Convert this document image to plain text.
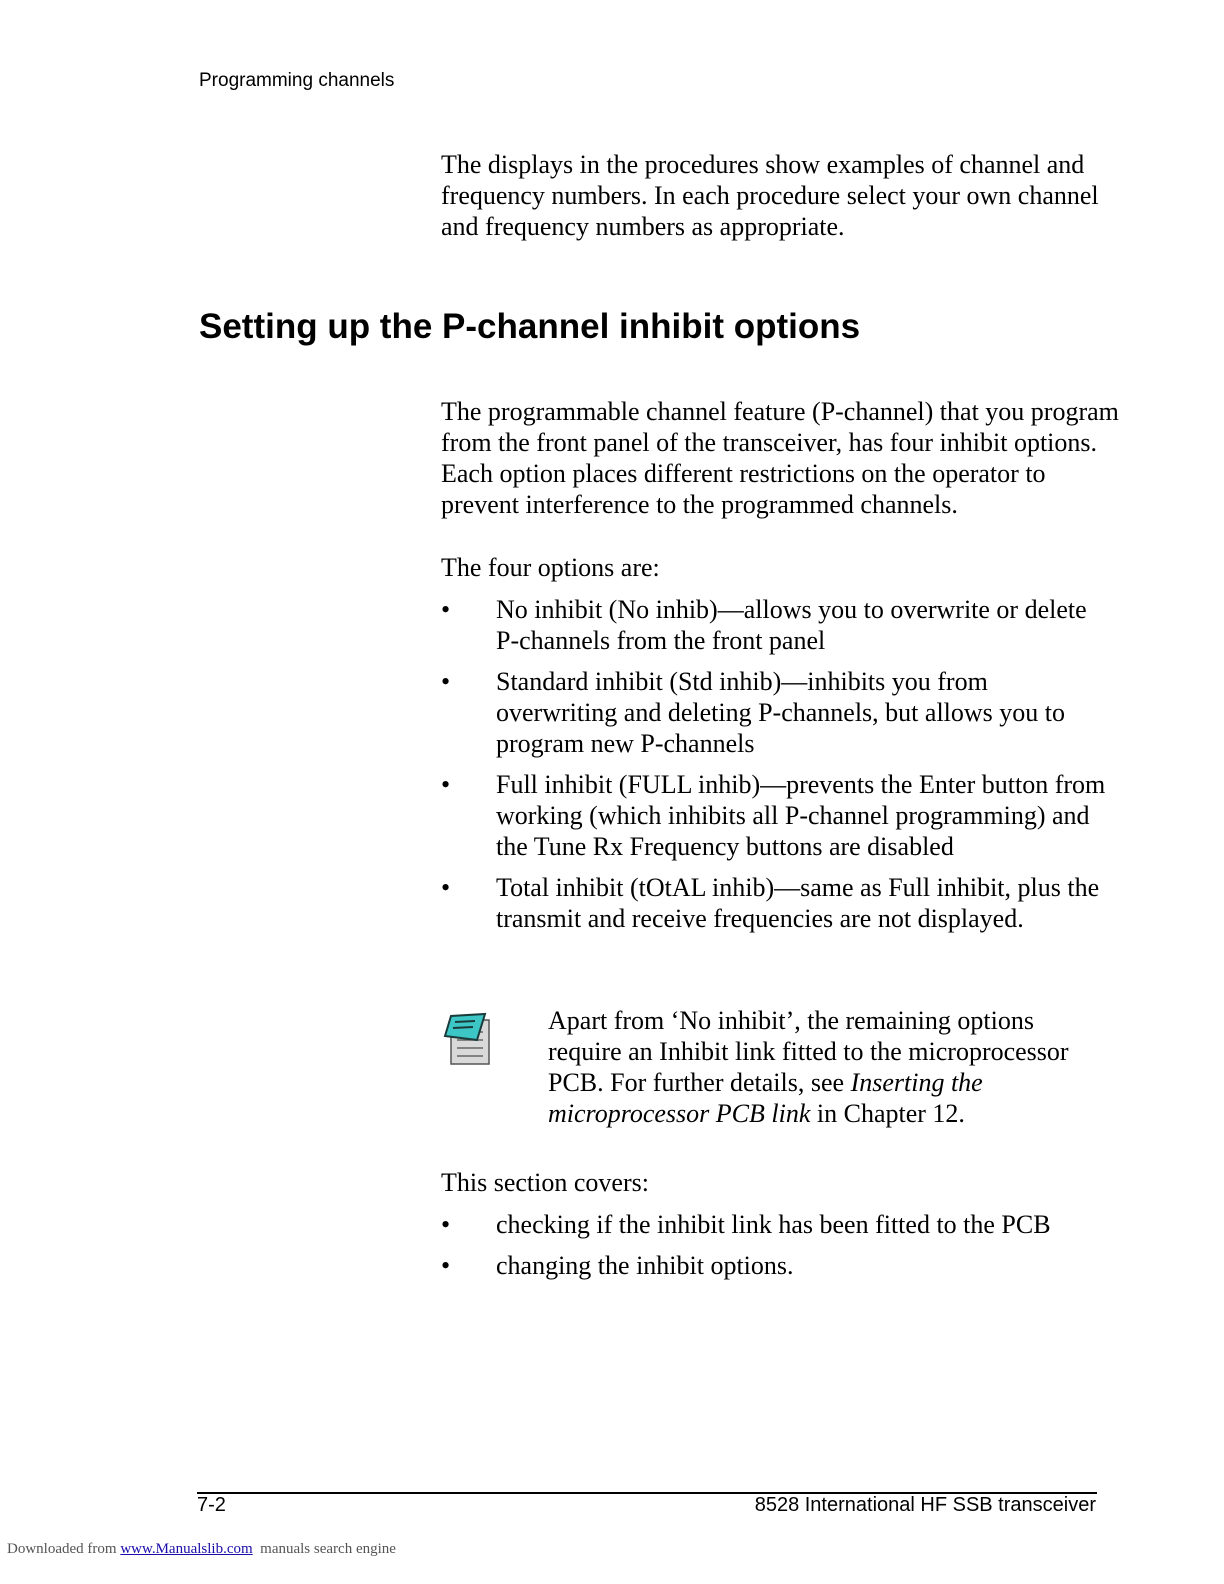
Programming channels

The displays in the procedures show examples of channel and frequency numbers. In each procedure select your own channel and frequency numbers as appropriate.

Setting up the P-channel inhibit options

The programmable channel feature (P-channel) that you program from the front panel of the transceiver, has four inhibit options. Each option places different restrictions on the operator to prevent interference to the programmed channels.

The four options are:

•	No inhibit (No inhib)—allows you to overwrite or delete P-channels from the front panel
•	Standard inhibit (Std inhib)—inhibits you from overwriting and deleting P-channels, but allows you to program new P-channels
•	Full inhibit (FULL inhib)—prevents the Enter button from working (which inhibits all P-channel programming) and the Tune Rx Frequency buttons are disabled
•	Total inhibit (tOtAL inhib)—same as Full inhibit, plus the transmit and receive frequencies are not displayed.

Apart from ‘No inhibit’, the remaining options require an Inhibit link fitted to the microprocessor PCB. For further details, see Inserting the microprocessor PCB link in Chapter 12.

This section covers:

• checking if the inhibit link has been fitted to the PCB
• changing the inhibit options.
7-2	8528 International HF SSB transceiver
Downloaded from www.Manualslib.com  manuals search engine
